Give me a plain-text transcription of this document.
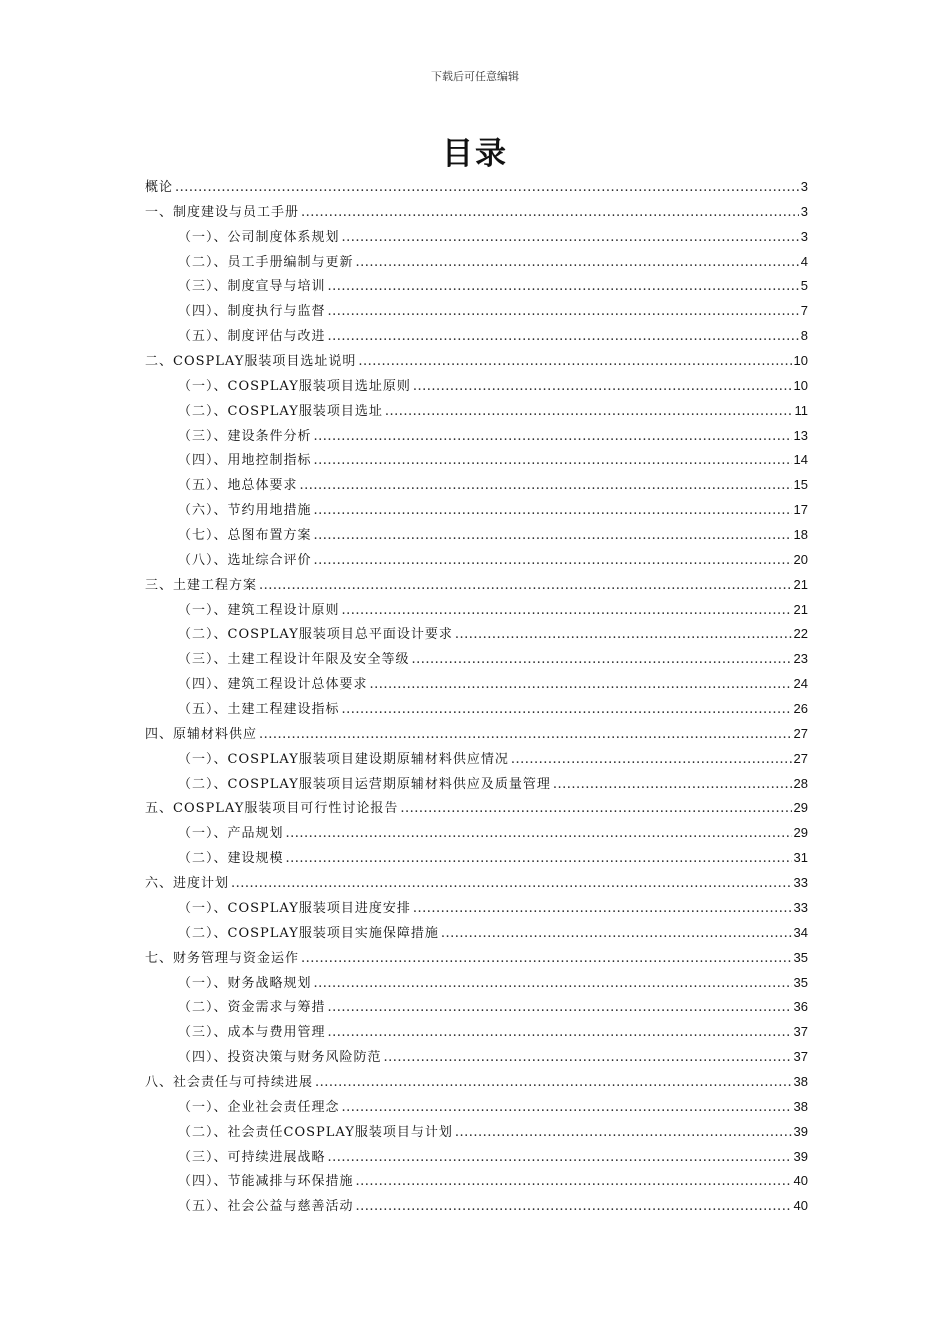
下载后可任意编辑
目录
概论 .....	3
一、制度建设与员工手册 .....	3
（一）、公司制度体系规划 .....	3
（二）、员工手册编制与更新 .....	4
（三）、制度宣导与培训 .....	5
（四）、制度执行与监督 .....	7
（五）、制度评估与改进 .....	8
二、COSPLAY服装项目选址说明 .....	10
（一）、COSPLAY服装项目选址原则 .....	10
（二）、COSPLAY服装项目选址 .....	11
（三）、建设条件分析 .....	13
（四）、用地控制指标 .....	14
（五）、地总体要求 .....	15
（六）、节约用地措施 .....	17
（七）、总图布置方案 .....	18
（八）、选址综合评价 .....	20
三、土建工程方案 .....	21
（一）、建筑工程设计原则 .....	21
（二）、COSPLAY服装项目总平面设计要求 .....	22
（三）、土建工程设计年限及安全等级 .....	23
（四）、建筑工程设计总体要求 .....	24
（五）、土建工程建设指标 .....	26
四、原辅材料供应 .....	27
（一）、COSPLAY服装项目建设期原辅材料供应情况 .....	27
（二）、COSPLAY服装项目运营期原辅材料供应及质量管理 .....	28
五、COSPLAY服装项目可行性讨论报告 .....	29
（一）、产品规划 .....	29
（二）、建设规模 .....	31
六、进度计划 .....	33
（一）、COSPLAY服装项目进度安排 .....	33
（二）、COSPLAY服装项目实施保障措施 .....	34
七、财务管理与资金运作 .....	35
（一）、财务战略规划 .....	35
（二）、资金需求与筹措 .....	36
（三）、成本与费用管理 .....	37
（四）、投资决策与财务风险防范 .....	37
八、社会责任与可持续进展 .....	38
（一）、企业社会责任理念 .....	38
（二）、社会责任COSPLAY服装项目与计划 .....	39
（三）、可持续进展战略 .....	39
（四）、节能减排与环保措施 .....	40
（五）、社会公益与慈善活动 .....	40
